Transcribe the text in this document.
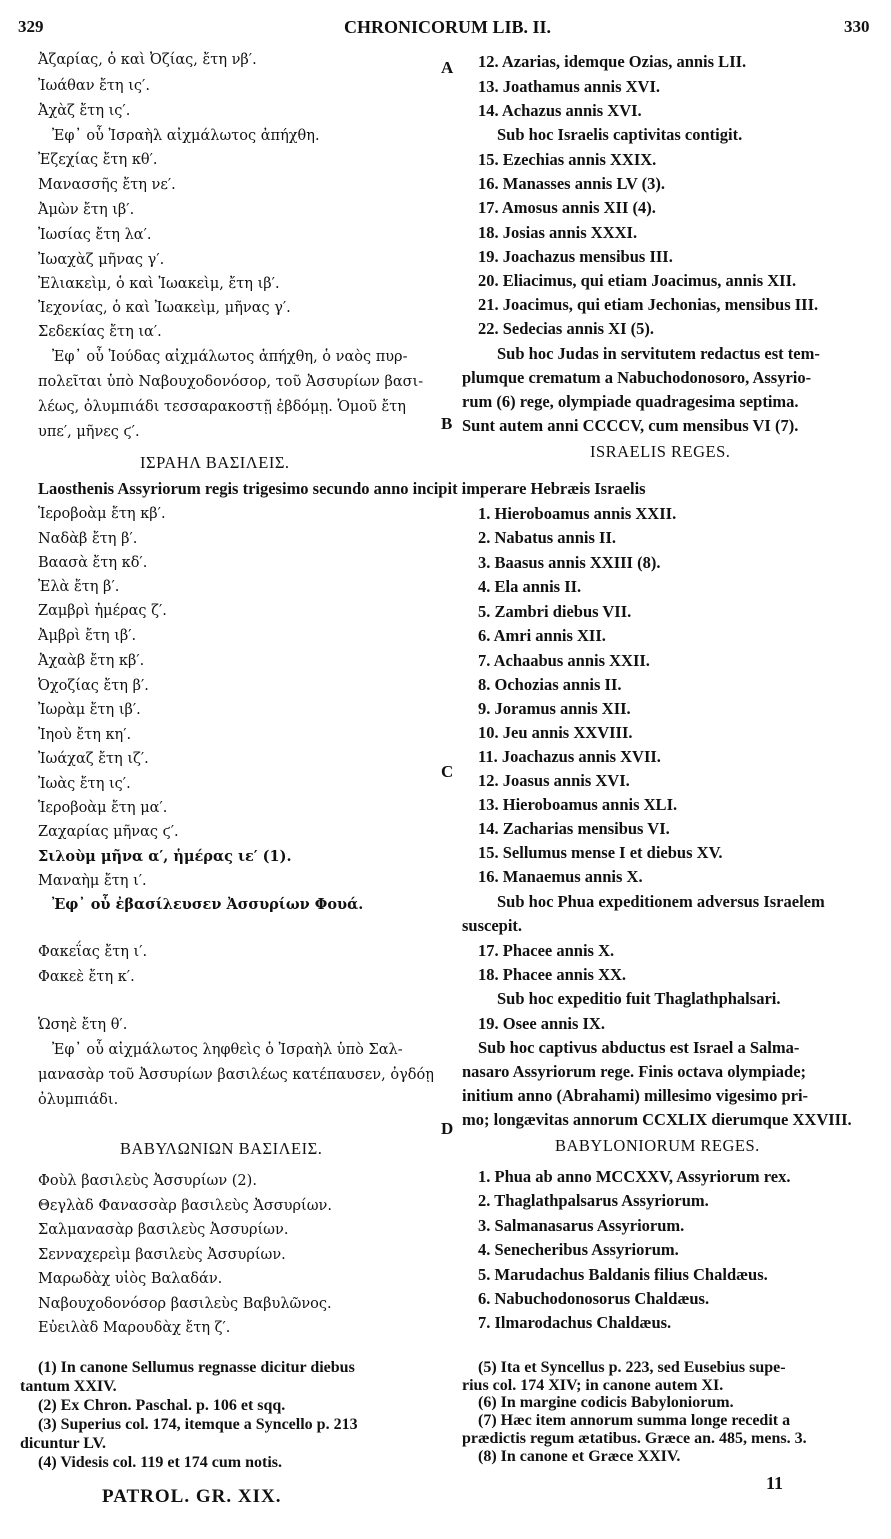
329	CHRONICORUM LIB. II.	330
A
B
C
D
Ἀζαρίας, ὁ καὶ Ὀζίας, ἔτη νβ′.
Ἰωάθαν ἔτη ις′.
Ἀχὰζ ἔτη ις′.
Ἐφ᾽ οὗ Ἰσραὴλ αἰχμάλωτος ἀπήχθη.
Ἐζεχίας ἔτη κθ′.
Μανασσῆς ἔτη νε′.
Ἀμὼν ἔτη ιβ′.
Ἰωσίας ἔτη λα′.
Ἰωαχὰζ μῆνας γ′.
Ἐλιακεὶμ, ὁ καὶ Ἰωακεὶμ, ἔτη ιβ′.
Ἰεχονίας, ὁ καὶ Ἰωακεὶμ, μῆνας γ′.
Σεδεκίας ἔτη ια′.
Ἐφ᾽ οὗ Ἰούδας αἰχμάλωτος ἀπήχθη, ὁ ναὸς πυρ-
πολεῖται ὑπὸ Ναβουχοδονόσορ, τοῦ Ἀσσυρίων βασι-
λέως, ὀλυμπιάδι τεσσαρακοστῇ ἑβδόμῃ. Ὁμοῦ ἔτη
υπε′, μῆνες ϛ′.
ΙΣΡΑΗΛ ΒΑΣΙΛΕΙΣ.
Laosthenis Assyriorum regis trigesimo secundo anno incipit imperare Hebræis Israelis
Ἱεροβοὰμ ἔτη κβ′.
Ναδὰβ ἔτη β′.
Βαασὰ ἔτη κδ′.
Ἐλὰ ἔτη β′.
Ζαμβρὶ ἡμέρας ζ′.
Ἀμβρὶ ἔτη ιβ′.
Ἀχαὰβ ἔτη κβ′.
Ὀχοζίας ἔτη β′.
Ἰωρὰμ ἔτη ιβ′.
Ἰηοὺ ἔτη κη′.
Ἰωάχαζ ἔτη ιζ′.
Ἰωὰς ἔτη ις′.
Ἱεροβοὰμ ἔτη μα′.
Ζαχαρίας μῆνας ϛ′.
Σιλοὺμ μῆνα α′, ἡμέρας ιε′ (1).
Μαναὴμ ἔτη ι′.
Ἐφ᾽ οὗ ἐβασίλευσεν Ἀσσυρίων Φουά.
Φακεΐας ἔτη ι′.
Φακεὲ ἔτη κ′.
Ὡσηὲ ἔτη θ′.
Ἐφ᾽ οὗ αἰχμάλωτος ληφθεὶς ὁ Ἰσραὴλ ὑπὸ Σαλ-
μανασὰρ τοῦ Ἀσσυρίων βασιλέως κατέπαυσεν, ὀγδόῃ
ὀλυμπιάδι.
ΒΑΒΥΛΩΝΙΩΝ ΒΑΣΙΛΕΙΣ.
Φοὺλ βασιλεὺς Ἀσσυρίων (2).
Θεγλὰδ Φανασσὰρ βασιλεὺς Ἀσσυρίων.
Σαλμανασὰρ βασιλεὺς Ἀσσυρίων.
Σενναχερεὶμ βασιλεὺς Ἀσσυρίων.
Μαρωδὰχ υἱὸς Βαλαδάν.
Ναβουχοδονόσορ βασιλεὺς Βαβυλῶνος.
Εὐειλὰδ Μαρουδὰχ ἔτη ζ′.
12. Azarias, idemque Ozias, annis LII.
13. Joathamus annis XVI.
14. Achazus annis XVI.
Sub hoc Israelis captivitas contigit.
15. Ezechias annis XXIX.
16. Manasses annis LV (3).
17. Amosus annis XII (4).
18. Josias annis XXXI.
19. Joachazus mensibus III.
20. Eliacimus, qui etiam Joacimus, annis XII.
21. Joacimus, qui etiam Jechonias, mensibus III.
22. Sedecias annis XI (5).
Sub hoc Judas in servitutem redactus est tem-
plumque crematum a Nabuchodonosoro, Assyrio-
rum (6) rege, olympiade quadragesima septima.
Sunt autem anni CCCCV, cum mensibus VI (7).
ISRAELIS REGES.
1. Hieroboamus annis XXII.
2. Nabatus annis II.
3. Baasus annis XXIII (8).
4. Ela annis II.
5. Zambri diebus VII.
6. Amri annis XII.
7. Achaabus annis XXII.
8. Ochozias annis II.
9. Joramus annis XII.
10. Jeu annis XXVIII.
11. Joachazus annis XVII.
12. Joasus annis XVI.
13. Hieroboamus annis XLI.
14. Zacharias mensibus VI.
15. Sellumus mense I et diebus XV.
16. Manaemus annis X.
Sub hoc Phua expeditionem adversus Israelem
suscepit.
17. Phacee annis X.
18. Phacee annis XX.
Sub hoc expeditio fuit Thaglathphalsari.
19. Osee annis IX.
Sub hoc captivus abductus est Israel a Salma-
nasaro Assyriorum rege. Finis octava olympiade;
initium anno (Abrahami) millesimo vigesimo pri-
mo; longævitas annorum CCXLIX dierumque XXVIII.
BABYLONIORUM REGES.
1. Phua ab anno MCCXXV, Assyriorum rex.
2. Thaglathpalsarus Assyriorum.
3. Salmanasarus Assyriorum.
4. Senecheribus Assyriorum.
5. Marudachus Baldanis filius Chaldæus.
6. Nabuchodonosorus Chaldæus.
7. Ilmarodachus Chaldæus.
(1) In canone Sellumus regnasse dicitur diebus
tantum XXIV.
(2) Ex Chron. Paschal. p. 106 et sqq.
(3) Superius col. 174, itemque a Syncello p. 213
dicuntur LV.
(4) Videsis col. 119 et 174 cum notis.
(5) Ita et Syncellus p. 223, sed Eusebius supe-
rius col. 174 XIV; in canone autem XI.
(6) In margine codicis Babyloniorum.
(7) Hæc item annorum summa longe recedit a
prædictis regum ætatibus. Græce an. 485, mens. 3.
(8) In canone et Græce XXIV.
PATROL. GR. XIX.
11
